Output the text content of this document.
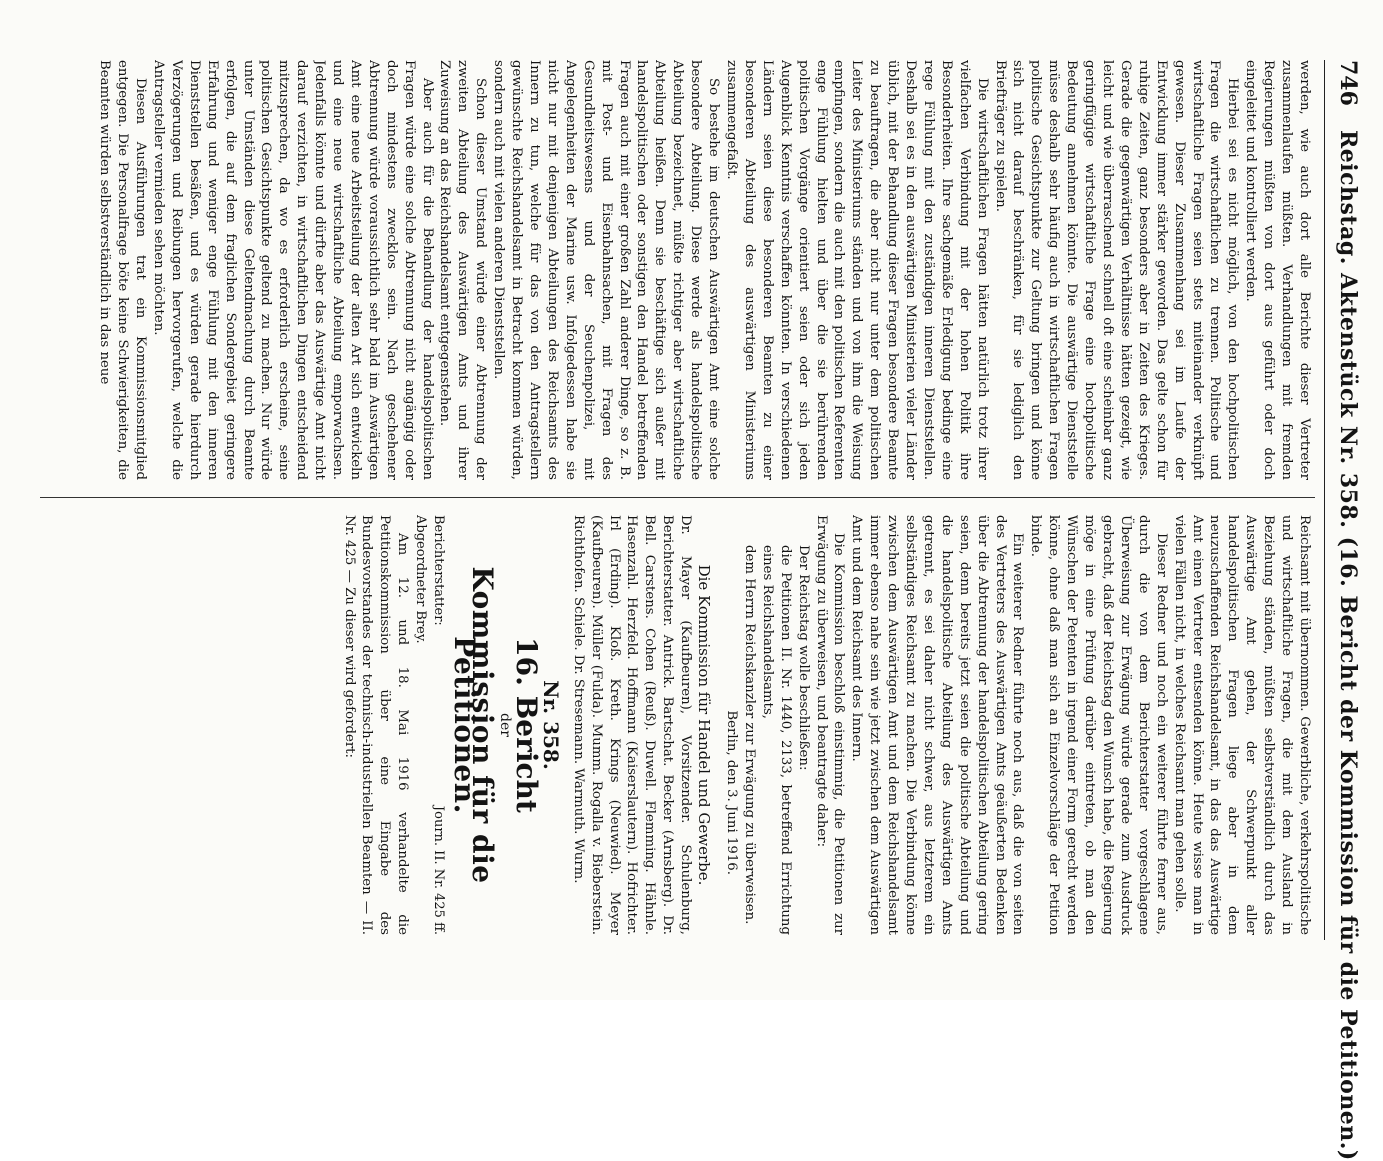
746
Reichstag. Aktenstück Nr. 358. (16. Bericht der Kommission für die Petitionen.)

werden, wie auch dort alle Berichte dieser Vertreter zusammenlaufen müßten. Verhandlungen mit fremden Regierungen müßten von dort aus geführt oder doch eingeleitet und kontrolliert werden.

Hierbei sei es nicht möglich, von den hochpolitischen Fragen die wirtschaftlichen zu trennen. Politische und wirtschaftliche Fragen seien stets miteinander verknüpft gewesen. Dieser Zusammenhang sei im Laufe der Entwicklung immer stärker geworden. Das gelte schon für ruhige Zeiten, ganz besonders aber in Zeiten des Krieges. Gerade die gegenwärtigen Verhältnisse hätten gezeigt, wie leicht und wie überraschend schnell oft eine scheinbar ganz geringfügige wirtschaftliche Frage eine hochpolitische Bedeutung annehmen könnte. Die auswärtige Dienststelle müsse deshalb sehr häufig auch in wirtschaftlichen Fragen politische Gesichtspunkte zur Geltung bringen und könne sich nicht darauf beschränken, für sie lediglich den Briefträger zu spielen.

Die wirtschaftlichen Fragen hätten natürlich trotz ihrer vielfachen Verbindung mit der hohen Politik ihre Besonderheiten. Ihre sachgemäße Erledigung bedinge eine rege Fühlung mit den zuständigen inneren Dienststellen. Deshalb sei es in den auswärtigen Ministerien vieler Länder üblich, mit der Behandlung dieser Fragen besondere Beamte zu beauftragen, die aber nicht nur unter dem politischen Leiter des Ministeriums ständen und von ihm die Weisung empfingen, sondern die auch mit den politischen Referenten enge Fühlung hielten und über die sie berührenden politischen Vorgänge orientiert seien oder sich jeden Augenblick Kenntnis verschaffen könnten. In verschiedenen Ländern seien diese besonderen Beamten zu einer besonderen Abteilung des auswärtigen Ministeriums zusammengefaßt.

So bestehe im deutschen Auswärtigen Amt eine solche besondere Abteilung. Diese werde als handelspolitische Abteilung bezeichnet, müßte richtiger aber wirtschaftliche Abteilung heißen. Denn sie beschäftige sich außer mit handelspolitischen oder sonstigen den Handel betreffenden Fragen auch mit einer großen Zahl anderer Dinge, so z. B. mit Post- und Eisenbahnsachen, mit Fragen des Gesundheitswesens und der Seuchenpolizei, mit Angelegenheiten der Marine usw. Infolgedessen habe sie nicht nur mit denjenigen Abteilungen des Reichsamts des Innern zu tun, welche für das von den Antragstellern gewünschte Reichshandelsamt in Betracht kommen würden, sondern auch mit vielen anderen Dienststellen.

Schon dieser Umstand würde einer Abtrennung der zweiten Abteilung des Auswärtigen Amts und ihrer Zuweisung an das Reichshandelsamt entgegenstehen.

Aber auch für die Behandlung der handelspolitischen Fragen würde eine solche Abtrennung nicht angängig oder doch mindestens zwecklos sein. Nach geschehener Abtrennung würde voraussichtlich sehr bald im Auswärtigen Amt eine neue Arbeitsteilung der alten Art sich entwickeln und eine neue wirtschaftliche Abteilung emporwachsen. Jedenfalls könnte und dürfte aber das Auswärtige Amt nicht darauf verzichten, in wirtschaftlichen Dingen entscheidend mitzusprechen, da wo es erforderlich erscheine, seine politischen Gesichtspunkte geltend zu machen. Nur würde unter Umständen diese Geltendmachung durch Beamte erfolgen, die auf dem fraglichen Sondergebiet geringere Erfahrung und weniger enge Fühlung mit den inneren Dienststellen besäßen, und es würden gerade hierdurch Verzögerungen und Reibungen hervorgerufen, welche die Antragsteller vermieden sehen möchten.

Diesen Ausführungen trat ein Kommissionsmitglied entgegen. Die Personalfrage böte keine Schwierigkeiten, die Beamten würden selbstverständlich in das neue

Reichsamt mit übernommen. Gewerbliche, verkehrspolitische und wirtschaftliche Fragen, die mit dem Ausland in Beziehung ständen, müßten selbstverständlich durch das Auswärtige Amt gehen, der Schwerpunkt aller handelspolitischen Fragen liege aber in dem neuzuschaffenden Reichshandelsamt, in das das Auswärtige Amt einen Vertreter entsenden könne. Heute wisse man in vielen Fällen nicht, in welches Reichsamt man gehen solle.

Dieser Redner und noch ein weiterer führte ferner aus, durch die von dem Berichterstatter vorgeschlagene Überweisung zur Erwägung würde gerade zum Ausdruck gebracht, daß der Reichstag den Wunsch habe, die Regierung möge in eine Prüfung darüber eintreten, ob man den Wünschen der Petenten in irgend einer Form gerecht werden könne, ohne daß man sich an Einzelvorschläge der Petition binde.

Ein weiterer Redner führte noch aus, daß die von seiten des Vertreters des Auswärtigen Amts geäußerten Bedenken über die Abtrennung der handelspolitischen Abteilung gering seien, denn bereits jetzt seien die politische Abteilung und die handelspolitische Abteilung des Auswärtigen Amts getrennt, es sei daher nicht schwer, aus letzterem ein selbständiges Reichsamt zu machen. Die Verbindung könne zwischen dem Auswärtigen Amt und dem Reichshandelsamt immer ebenso nahe sein wie jetzt zwischen dem Auswärtigen Amt und dem Reichsamt des Innern.

Die Kommission beschloß einstimmig, die Petitionen zur Erwägung zu überweisen, und beantragte daher:

Der Reichstag wolle beschließen:

die Petitionen II. Nr. 1440, 2133, betreffend Errichtung eines Reichshandelsamts,

dem Herrn Reichskanzler zur Erwägung zu überweisen.

Berlin, den 3. Juni 1916.

Die Kommission für Handel und Gewerbe.

Dr. Mayer (Kaufbeuren), Vorsitzender. Schulenburg, Berichterstatter. Antrick. Bartschat. Becker (Arnsberg). Dr. Bell. Carstens. Cohen (Reuß). Duwell. Flemming. Hähnle. Hasenzahl. Herzfeld. Hoffmann (Kaiserslautern). Hofrichter. Irl (Erding). Kloß. Kreth. Krings (Neuwied). Meyer (Kaufbeuren). Müller (Fulda). Mumm. Rogalla v. Bieberstein. Richthofen. Schiele. Dr. Stresemann. Warmuth. Wurm.

Nr. 358.
16. Bericht
der
Kommission für die Petitionen.
Berichterstatter:
Abgeordneter Brey.
Journ. II. Nr. 425 ff.

Am 12. und 18. Mai 1916 verhandelte die Petitionskommission über eine Eingabe des Bundesvorstandes der technisch-industriellen Beamten — II. Nr. 425 — Zu dieser wird gefordert:
